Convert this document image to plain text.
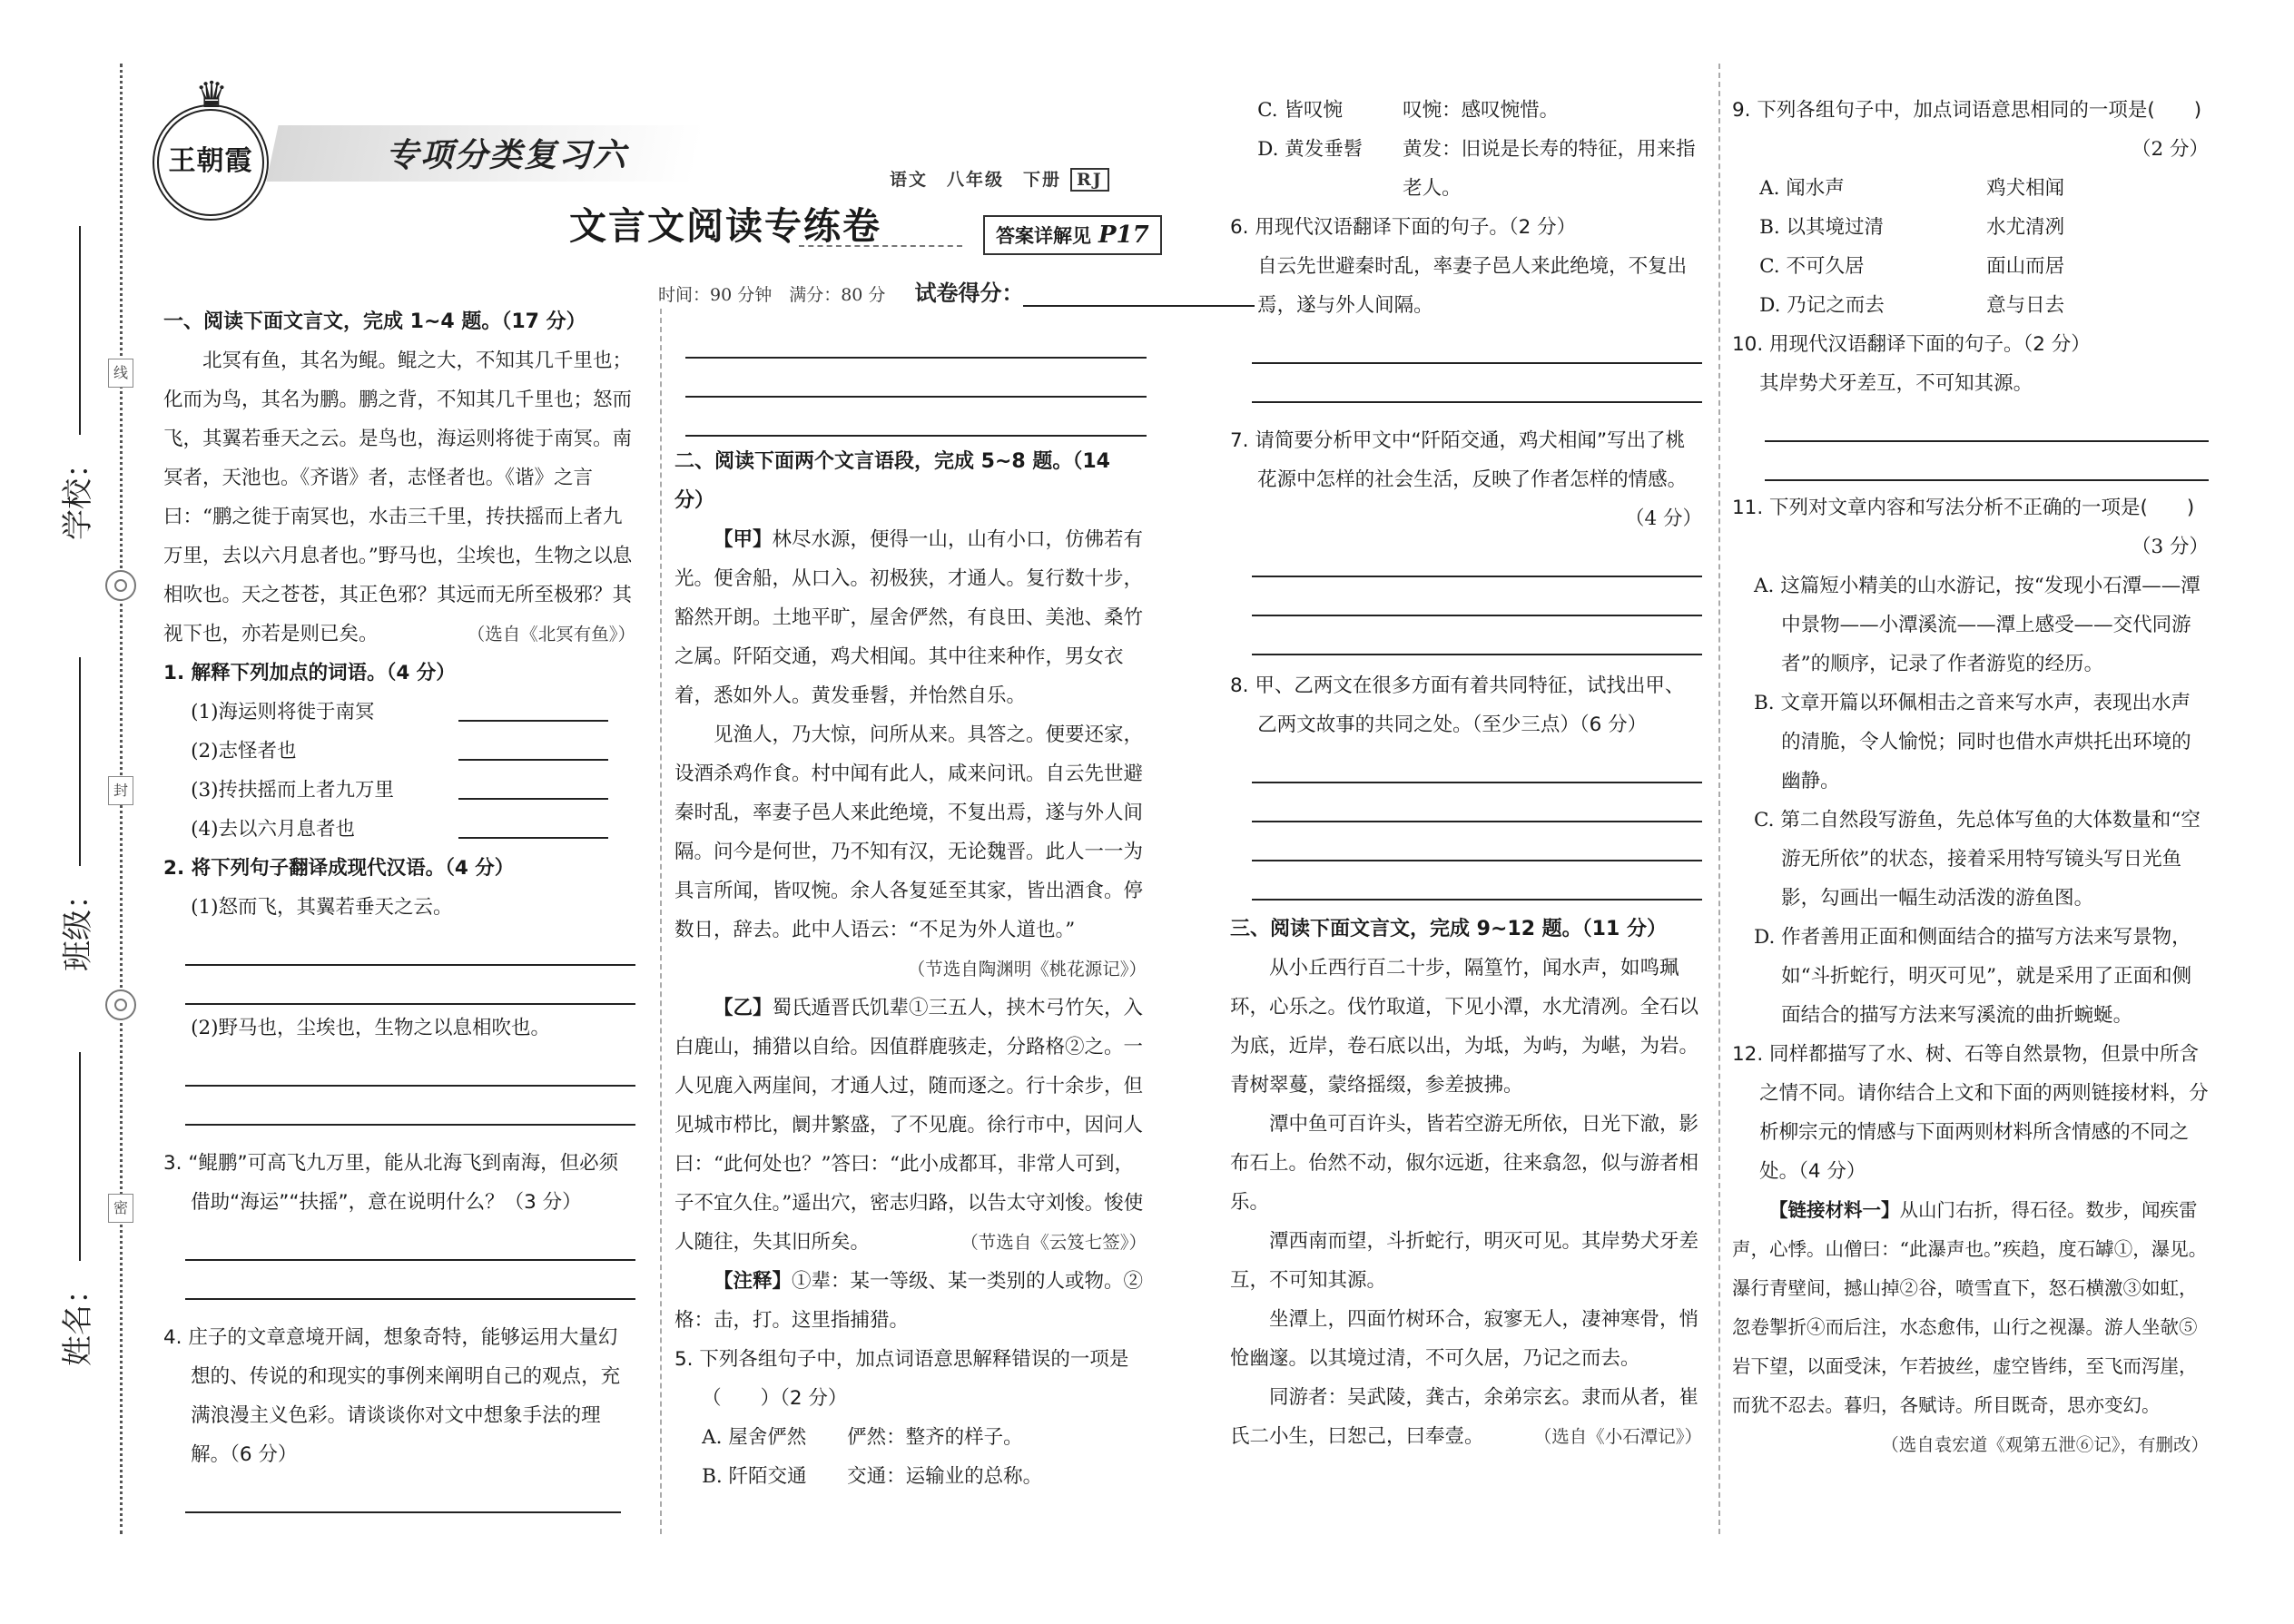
线
封
密
学校：
班级：
姓名：
♛
王朝霞	专项分类复习六
语文　八年级　下册 RJ
文言文阅读专练卷	答案详解见 P17
时间：90 分钟　满分：80 分 试卷得分：

一、阅读下面文言文，完成 1~4 题。（17 分）

北冥有鱼，其名为鲲。鲲之大，不知其几千里也；化而为鸟，其名为鹏。鹏之背，不知其几千里也；怒而飞，其翼若垂天之云。是鸟也，海运则将徙于南冥。南冥者，天池也。《齐谐》者，志怪者也。《谐》之言曰：“鹏之徙于南冥也，水击三千里，抟扶摇而上者九万里，去以六月息者也。”野马也，尘埃也，生物之以息相吹也。天之苍苍，其正色邪？其远而无所至极邪？其视下也，亦若是则已矣。	（选自《北冥有鱼》）

1. 解释下列加点的词语。（4 分）

(1)海运则将徙于南冥
(2)志怪者也
(3)抟扶摇而上者九万里
(4)去以六月息者也

2. 将下列句子翻译成现代汉语。（4 分）

(1)怒而飞，其翼若垂天之云。

(2)野马也，尘埃也，生物之以息相吹也。

3. “鲲鹏”可高飞九万里，能从北海飞到南海，但必须借助“海运”“扶摇”，意在说明什么？（3 分）

4. 庄子的文章意境开阔，想象奇特，能够运用大量幻想的、传说的和现实的事例来阐明自己的观点，充满浪漫主义色彩。请谈谈你对文中想象手法的理解。（6 分）

二、阅读下面两个文言语段，完成 5~8 题。（14 分）

【甲】林尽水源，便得一山，山有小口，仿佛若有光。便舍船，从口入。初极狭，才通人。复行数十步，豁然开朗。土地平旷，屋舍俨然，有良田、美池、桑竹之属。阡陌交通，鸡犬相闻。其中往来种作，男女衣着，悉如外人。黄发垂髫，并怡然自乐。

见渔人，乃大惊，问所从来。具答之。便要还家，设酒杀鸡作食。村中闻有此人，咸来问讯。自云先世避秦时乱，率妻子邑人来此绝境，不复出焉，遂与外人间隔。问今是何世，乃不知有汉，无论魏晋。此人一一为具言所闻，皆叹惋。余人各复延至其家，皆出酒食。停数日，辞去。此中人语云：“不足为外人道也。”

（节选自陶渊明《桃花源记》）

【乙】蜀氏遁晋氏饥辈①三五人，挟木弓竹矢，入白鹿山，捕猎以自给。因值群鹿骇走，分路格②之。一人见鹿入两崖间，才通人过，随而逐之。行十余步，但见城市栉比，阛井繁盛，了不见鹿。徐行市中，因问人曰：“此何处也？”答曰：“此小成都耳，非常人可到，子不宜久住。”遥出穴，密志归路，以告太守刘悛。悛使人随往，失其旧所矣。	（节选自《云笈七签》）

【注释】①辈：某一等级、某一类别的人或物。②格：击，打。这里指捕猎。

5. 下列各组句子中，加点词语意思解释错误的一项是（　　）（2 分）

A. 屋舍俨然	俨然：整齐的样子。
B. 阡陌交通	交通：运输业的总称。
C. 皆叹惋	叹惋：感叹惋惜。
D. 黄发垂髫	黄发：旧说是长寿的特征，用来指老人。

6. 用现代汉语翻译下面的句子。（2 分）

自云先世避秦时乱，率妻子邑人来此绝境，不复出焉，遂与外人间隔。

7. 请简要分析甲文中“阡陌交通，鸡犬相闻”写出了桃花源中怎样的社会生活，反映了作者怎样的情感。

（4 分）

8. 甲、乙两文在很多方面有着共同特征，试找出甲、乙两文故事的共同之处。（至少三点）（6 分）

三、阅读下面文言文，完成 9~12 题。（11 分）

从小丘西行百二十步，隔篁竹，闻水声，如鸣珮环，心乐之。伐竹取道，下见小潭，水尤清冽。全石以为底，近岸，卷石底以出，为坻，为屿，为嵁，为岩。青树翠蔓，蒙络摇缀，参差披拂。

潭中鱼可百许头，皆若空游无所依，日光下澈，影布石上。佁然不动，俶尔远逝，往来翕忽，似与游者相乐。

潭西南而望，斗折蛇行，明灭可见。其岸势犬牙差互，不可知其源。

坐潭上，四面竹树环合，寂寥无人，凄神寒骨，悄怆幽邃。以其境过清，不可久居，乃记之而去。

同游者：吴武陵，龚古，余弟宗玄。隶而从者，崔氏二小生，曰恕己，曰奉壹。	（选自《小石潭记》）

9. 下列各组句子中，加点词语意思相同的一项是(　　)

（2 分）

A. 闻水声	鸡犬相闻
B. 以其境过清	水尤清冽
C. 不可久居	面山而居
D. 乃记之而去	意与日去

10. 用现代汉语翻译下面的句子。（2 分）

其岸势犬牙差互，不可知其源。

11. 下列对文章内容和写法分析不正确的一项是(　　)

（3 分）

A. 这篇短小精美的山水游记，按“发现小石潭——潭中景物——小潭溪流——潭上感受——交代同游者”的顺序，记录了作者游览的经历。

B. 文章开篇以环佩相击之音来写水声，表现出水声的清脆，令人愉悦；同时也借水声烘托出环境的幽静。

C. 第二自然段写游鱼，先总体写鱼的大体数量和“空游无所依”的状态，接着采用特写镜头写日光鱼影，勾画出一幅生动活泼的游鱼图。

D. 作者善用正面和侧面结合的描写方法来写景物，如“斗折蛇行，明灭可见”，就是采用了正面和侧面结合的描写方法来写溪流的曲折蜿蜒。

12. 同样都描写了水、树、石等自然景物，但景中所含之情不同。请你结合上文和下面的两则链接材料，分析柳宗元的情感与下面两则材料所含情感的不同之处。（4 分）

【链接材料一】从山门右折，得石径。数步，闻疾雷声，心悸。山僧曰：“此瀑声也。”疾趋，度石罅①，瀑见。瀑行青壁间，撼山掉②谷，喷雪直下，怒石横激③如虹，忽卷掣折④而后注，水态愈伟，山行之视瀑。游人坐欹⑤岩下望，以面受沫，乍若披丝，虚空皆纬，至飞而泻崖，而犹不忍去。暮归，各赋诗。所目既奇，思亦变幻。

（选自袁宏道《观第五泄⑥记》，有删改）
